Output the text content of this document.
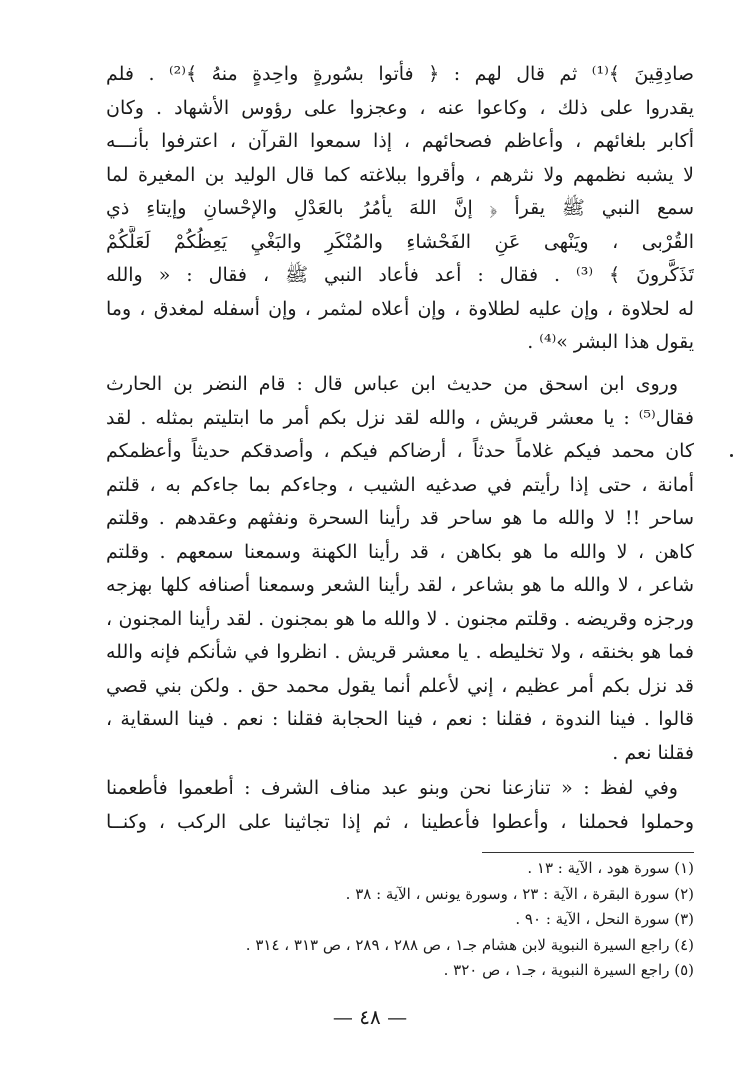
صادِقِينَ ﴾⁽¹⁾ ثم قال لهم : ﴿ فأتوا بسُورةٍ واحِدةٍ منهُ ﴾⁽²⁾ . فلم
يقدروا على ذلك ، وكاعوا عنه ، وعجزوا على رؤوس الأشهاد . وكان
أكابر بلغائهم ، وأعاظم فصحائهم ، إذا سمعوا القرآن ، اعترفوا بأنـــه
لا يشبه نظمهم ولا نثرهم ، وأقروا ببلاغته كما قال الوليد بن المغيرة لما
سمع النبي ﷺ يقرأ ﴿ إنَّ اللهَ يأمُرُ بالعَدْلِ والإحْسانِ وإيتاءِ ذي
القُرْبى ، ويَنْهى عَنِ الفَحْشاءِ والمُنْكَرِ والبَغْيِ يَعِظُكُمْ لَعَلَّكُمْ
تَذَكَّرونَ ﴾ ⁽³⁾ . فقال : أعد فأعاد النبي ﷺ ، فقال : « والله
له لحلاوة ، وإن عليه لطلاوة ، وإن أعلاه لمثمر ، وإن أسفله لمغدق ، وما
يقول هذا البشر »⁽⁴⁾ .
وروى ابن اسحق من حديث ابن عباس قال : قام النضر بن الحارث
فقال⁽⁵⁾ : يا معشر قريش ، والله لقد نزل بكم أمر ما ابتليتم بمثله . لقد
كان محمد فيكم غلاماً حدثاً ، أرضاكم فيكم ، وأصدقكم حديثاً وأعظمكم
أمانة ، حتى إذا رأيتم في صدغيه الشيب ، وجاءكم بما جاءكم به ، قلتم
ساحر !! لا والله ما هو ساحر قد رأينا السحرة ونفثهم وعقدهم . وقلتم
كاهن ، لا والله ما هو بكاهن ، قد رأينا الكهنة وسمعنا سمعهم . وقلتم
شاعر ، لا والله ما هو بشاعر ، لقد رأينا الشعر وسمعنا أصنافه كلها بهزجه
ورجزه وقريضه . وقلتم مجنون . لا والله ما هو بمجنون . لقد رأينا المجنون ،
فما هو بخنقه ، ولا تخليطه . يا معشر قريش . انظروا في شأنكم فإنه والله
قد نزل بكم أمر عظيم ، إني لأعلم أنما يقول محمد حق . ولكن بني قصي
قالوا . فينا الندوة ، فقلنا : نعم ، فينا الحجابة فقلنا : نعم . فينا السقاية ،
فقلنا نعم .
وفي لفظ : « تنازعنا نحن وبنو عبد مناف الشرف : أطعموا فأطعمنا
وحملوا فحملنا ، وأعطوا فأعطينا ، ثم إذا تجاثينا على الركب ، وكنــا
(١) سورة هود ، الآية : ١٣ .
(٢) سورة البقرة ، الآية : ٢٣ ، وسورة يونس ، الآية : ٣٨ .
(٣) سورة النحل ، الآية : ٩٠ .
(٤) راجع السيرة النبوية لابن هشام جـ١ ، ص ٢٨٨ ، ٢٨٩ ، ص ٣١٣ ، ٣١٤ .
(٥) راجع السيرة النبوية ، جـ١ ، ص ٣٢٠ .
— ٤٨ —
